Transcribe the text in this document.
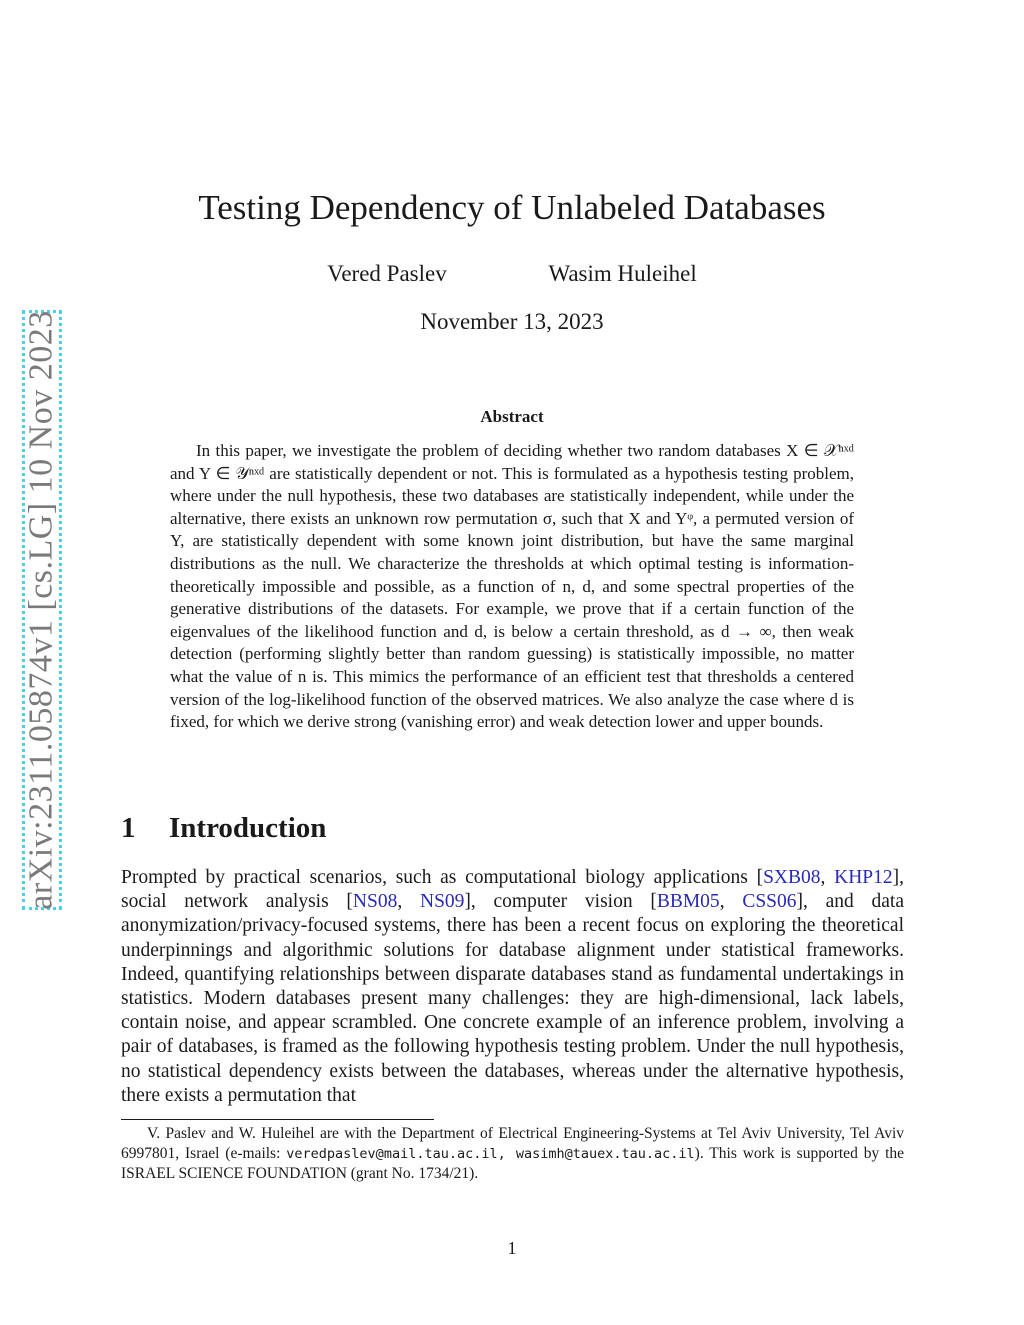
arXiv:2311.05874v1 [cs.LG] 10 Nov 2023
Testing Dependency of Unlabeled Databases
Vered Paslev	Wasim Huleihel
November 13, 2023
Abstract
In this paper, we investigate the problem of deciding whether two random databases X ∈ 𝒳ⁿˣᵈ and Y ∈ 𝒴ⁿˣᵈ are statistically dependent or not. This is formulated as a hypothesis testing problem, where under the null hypothesis, these two databases are statistically independent, while under the alternative, there exists an unknown row permutation σ, such that X and Yᵠ, a permuted version of Y, are statistically dependent with some known joint distribution, but have the same marginal distributions as the null. We characterize the thresholds at which optimal testing is information-theoretically impossible and possible, as a function of n, d, and some spectral properties of the generative distributions of the datasets. For example, we prove that if a certain function of the eigenvalues of the likelihood function and d, is below a certain threshold, as d → ∞, then weak detection (performing slightly better than random guessing) is statistically impossible, no matter what the value of n is. This mimics the performance of an efficient test that thresholds a centered version of the log-likelihood function of the observed matrices. We also analyze the case where d is fixed, for which we derive strong (vanishing error) and weak detection lower and upper bounds.
1 Introduction
Prompted by practical scenarios, such as computational biology applications [SXB08, KHP12], social network analysis [NS08, NS09], computer vision [BBM05, CSS06], and data anonymization/privacy-focused systems, there has been a recent focus on exploring the theoretical underpinnings and algorithmic solutions for database alignment under statistical frameworks. Indeed, quantifying relationships between disparate databases stand as fundamental undertakings in statistics. Modern databases present many challenges: they are high-dimensional, lack labels, contain noise, and appear scrambled. One concrete example of an inference problem, involving a pair of databases, is framed as the following hypothesis testing problem. Under the null hypothesis, no statistical dependency exists between the databases, whereas under the alternative hypothesis, there exists a permutation that
V. Paslev and W. Huleihel are with the Department of Electrical Engineering-Systems at Tel Aviv University, Tel Aviv 6997801, Israel (e-mails: veredpaslev@mail.tau.ac.il, wasimh@tauex.tau.ac.il). This work is supported by the ISRAEL SCIENCE FOUNDATION (grant No. 1734/21).
1
